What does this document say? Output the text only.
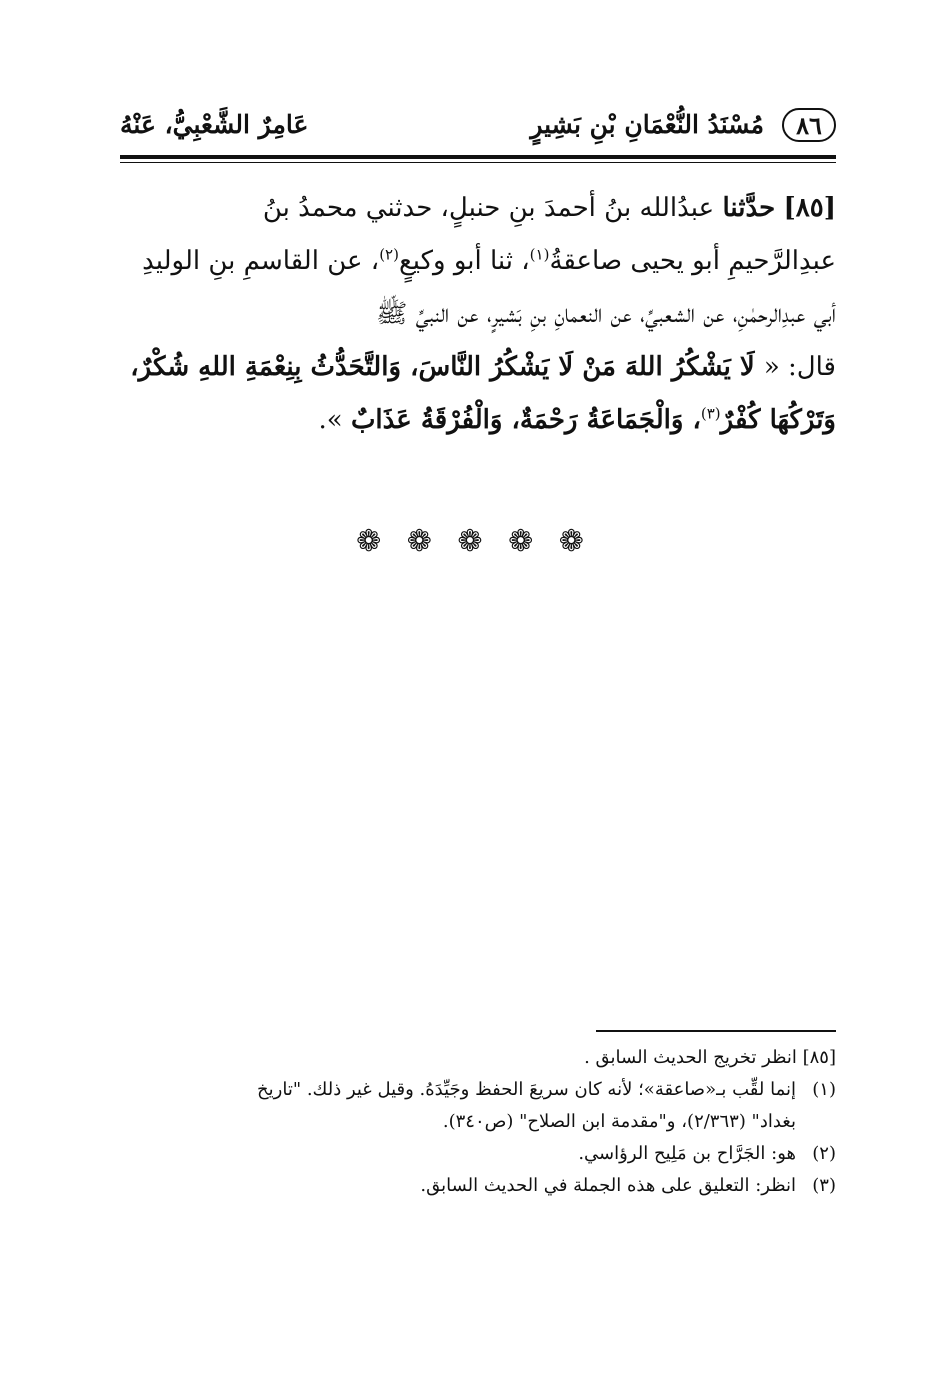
٨٦
مُسْنَدُ النُّعْمَانِ بْنِ بَشِيرٍ
عَامِرٌ الشَّعْبِيُّ، عَنْهُ
[٨٥] حدَّثنا عبدُالله بنُ أحمدَ بنِ حنبلٍ، حدثني محمدُ بنُ
عبدِالرَّحيمِ أبو يحيى صاعقةُ$^{(١)}$، ثنا أبو وكيعٍ$^{(٢)}$، عن القاسمِ بنِ الوليدِ
أبي عبدِالرحمٰنِ، عن الشعبيِّ، عن النعمانِ بنِ بَشيرٍ، عن النبيِّ ﷺ
قال: « لَا يَشْكُرُ اللهَ مَنْ لَا يَشْكُرُ النَّاسَ، وَالتَّحَدُّثُ بِنِعْمَةِ اللهِ شُكْرٌ،
وَتَرْكُهَا كُفْرٌ$^{(٣)}$، وَالْجَمَاعَةُ رَحْمَةٌ، وَالْفُرْقَةُ عَذَابٌ ».
❁ ❁ ❁ ❁ ❁
[٨٥] انظر تخريج الحديث السابق .
(١)إنما لقِّب بـ«صاعقة»؛ لأنه كان سريعَ الحفظ وجَيِّدَهُ. وقيل غير ذلك. "تاريخ
بغداد" (٢/٣٦٣)، و"مقدمة ابن الصلاح" (ص٣٤٠).
(٢)هو: الجَرَّاح بن مَلِيح الرؤاسي.
(٣)انظر: التعليق على هذه الجملة في الحديث السابق.
